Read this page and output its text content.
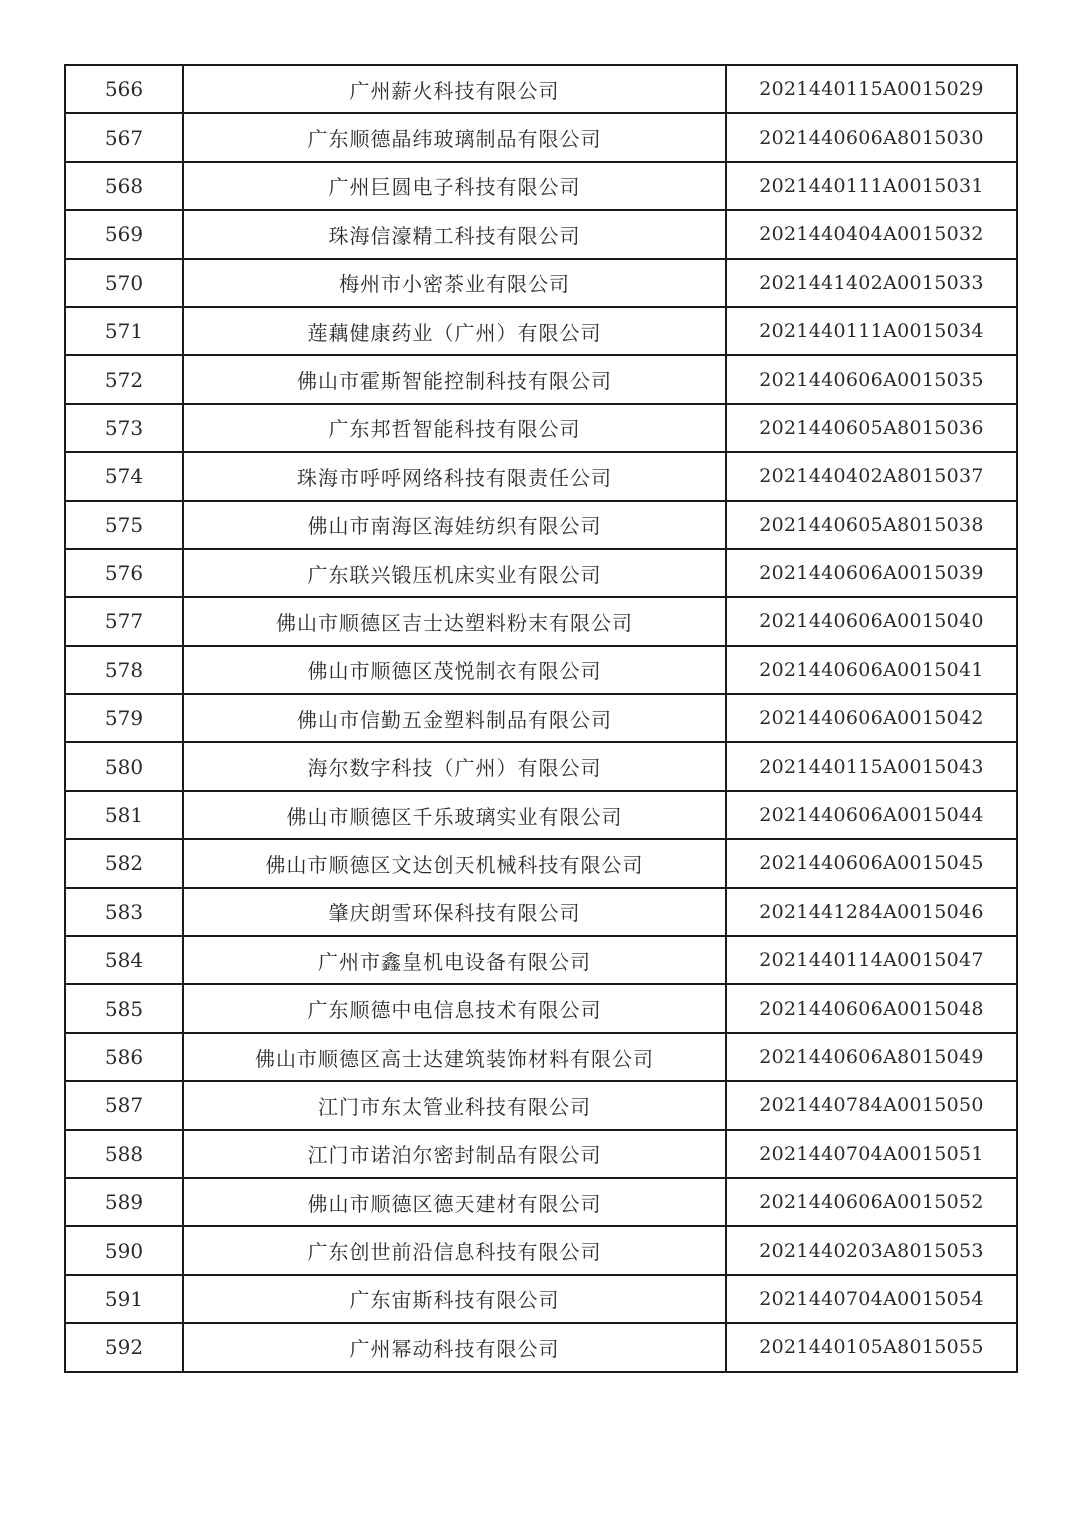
566	广州薪火科技有限公司	2021440115A0015029
567	广东顺德晶纬玻璃制品有限公司	2021440606A8015030
568	广州巨圆电子科技有限公司	2021440111A0015031
569	珠海信濠精工科技有限公司	2021440404A0015032
570	梅州市小密茶业有限公司	2021441402A0015033
571	莲藕健康药业（广州）有限公司	2021440111A0015034
572	佛山市霍斯智能控制科技有限公司	2021440606A0015035
573	广东邦哲智能科技有限公司	2021440605A8015036
574	珠海市呼呼网络科技有限责任公司	2021440402A8015037
575	佛山市南海区海娃纺织有限公司	2021440605A8015038
576	广东联兴锻压机床实业有限公司	2021440606A0015039
577	佛山市顺德区吉士达塑料粉末有限公司	2021440606A0015040
578	佛山市顺德区茂悦制衣有限公司	2021440606A0015041
579	佛山市信勤五金塑料制品有限公司	2021440606A0015042
580	海尔数字科技（广州）有限公司	2021440115A0015043
581	佛山市顺德区千乐玻璃实业有限公司	2021440606A0015044
582	佛山市顺德区文达创天机械科技有限公司	2021440606A0015045
583	肇庆朗雪环保科技有限公司	2021441284A0015046
584	广州市鑫皇机电设备有限公司	2021440114A0015047
585	广东顺德中电信息技术有限公司	2021440606A0015048
586	佛山市顺德区高士达建筑装饰材料有限公司	2021440606A8015049
587	江门市东太管业科技有限公司	2021440784A0015050
588	江门市诺泊尔密封制品有限公司	2021440704A0015051
589	佛山市顺德区德天建材有限公司	2021440606A0015052
590	广东创世前沿信息科技有限公司	2021440203A8015053
591	广东宙斯科技有限公司	2021440704A0015054
592	广州幂动科技有限公司	2021440105A8015055
